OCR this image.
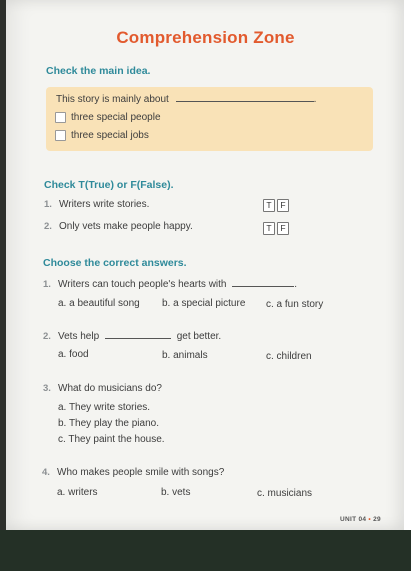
Comprehension Zone
Check the main idea.
This story is mainly about	.
three special people
three special jobs
Check T(True) or F(False).
1. Writers write stories.	T	F
2. Only vets make people happy.	T	F
Choose the correct answers.
1. Writers can touch people's hearts with	.
a. a beautiful song b. a special picture c. a fun story
2. Vets help	get better.
a. food	b. animals	c. children
3. What do musicians do?
a. They write stories.
b. They play the piano.
c. They paint the house.
4. Who makes people smile with songs?
a. writers	b. vets	c. musicians
UNIT 04 • 29
